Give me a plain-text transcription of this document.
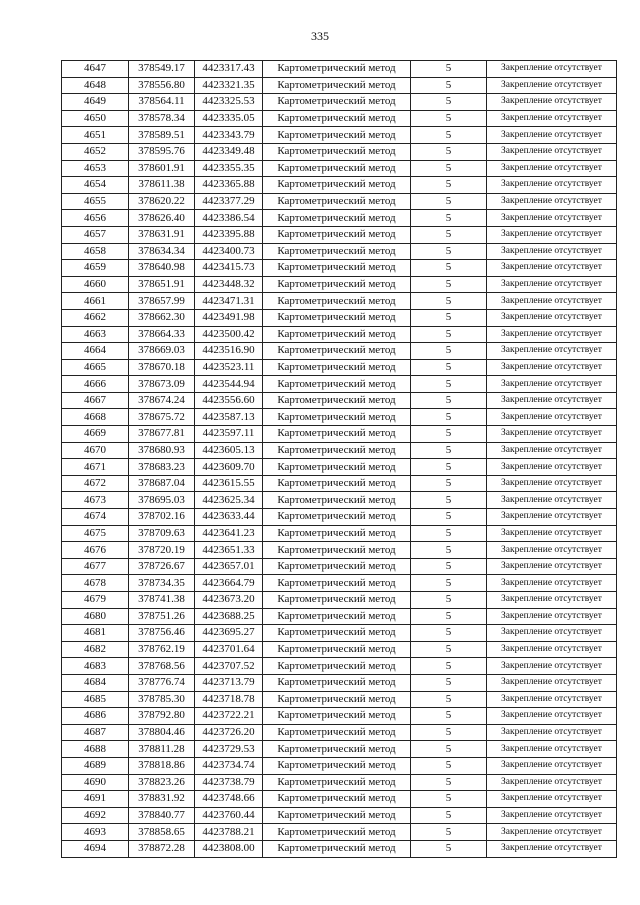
335
4647	378549.17	4423317.43	Картометрический метод	5	Закрепление отсутствует
4648	378556.80	4423321.35	Картометрический метод	5	Закрепление отсутствует
4649	378564.11	4423325.53	Картометрический метод	5	Закрепление отсутствует
4650	378578.34	4423335.05	Картометрический метод	5	Закрепление отсутствует
4651	378589.51	4423343.79	Картометрический метод	5	Закрепление отсутствует
4652	378595.76	4423349.48	Картометрический метод	5	Закрепление отсутствует
4653	378601.91	4423355.35	Картометрический метод	5	Закрепление отсутствует
4654	378611.38	4423365.88	Картометрический метод	5	Закрепление отсутствует
4655	378620.22	4423377.29	Картометрический метод	5	Закрепление отсутствует
4656	378626.40	4423386.54	Картометрический метод	5	Закрепление отсутствует
4657	378631.91	4423395.88	Картометрический метод	5	Закрепление отсутствует
4658	378634.34	4423400.73	Картометрический метод	5	Закрепление отсутствует
4659	378640.98	4423415.73	Картометрический метод	5	Закрепление отсутствует
4660	378651.91	4423448.32	Картометрический метод	5	Закрепление отсутствует
4661	378657.99	4423471.31	Картометрический метод	5	Закрепление отсутствует
4662	378662.30	4423491.98	Картометрический метод	5	Закрепление отсутствует
4663	378664.33	4423500.42	Картометрический метод	5	Закрепление отсутствует
4664	378669.03	4423516.90	Картометрический метод	5	Закрепление отсутствует
4665	378670.18	4423523.11	Картометрический метод	5	Закрепление отсутствует
4666	378673.09	4423544.94	Картометрический метод	5	Закрепление отсутствует
4667	378674.24	4423556.60	Картометрический метод	5	Закрепление отсутствует
4668	378675.72	4423587.13	Картометрический метод	5	Закрепление отсутствует
4669	378677.81	4423597.11	Картометрический метод	5	Закрепление отсутствует
4670	378680.93	4423605.13	Картометрический метод	5	Закрепление отсутствует
4671	378683.23	4423609.70	Картометрический метод	5	Закрепление отсутствует
4672	378687.04	4423615.55	Картометрический метод	5	Закрепление отсутствует
4673	378695.03	4423625.34	Картометрический метод	5	Закрепление отсутствует
4674	378702.16	4423633.44	Картометрический метод	5	Закрепление отсутствует
4675	378709.63	4423641.23	Картометрический метод	5	Закрепление отсутствует
4676	378720.19	4423651.33	Картометрический метод	5	Закрепление отсутствует
4677	378726.67	4423657.01	Картометрический метод	5	Закрепление отсутствует
4678	378734.35	4423664.79	Картометрический метод	5	Закрепление отсутствует
4679	378741.38	4423673.20	Картометрический метод	5	Закрепление отсутствует
4680	378751.26	4423688.25	Картометрический метод	5	Закрепление отсутствует
4681	378756.46	4423695.27	Картометрический метод	5	Закрепление отсутствует
4682	378762.19	4423701.64	Картометрический метод	5	Закрепление отсутствует
4683	378768.56	4423707.52	Картометрический метод	5	Закрепление отсутствует
4684	378776.74	4423713.79	Картометрический метод	5	Закрепление отсутствует
4685	378785.30	4423718.78	Картометрический метод	5	Закрепление отсутствует
4686	378792.80	4423722.21	Картометрический метод	5	Закрепление отсутствует
4687	378804.46	4423726.20	Картометрический метод	5	Закрепление отсутствует
4688	378811.28	4423729.53	Картометрический метод	5	Закрепление отсутствует
4689	378818.86	4423734.74	Картометрический метод	5	Закрепление отсутствует
4690	378823.26	4423738.79	Картометрический метод	5	Закрепление отсутствует
4691	378831.92	4423748.66	Картометрический метод	5	Закрепление отсутствует
4692	378840.77	4423760.44	Картометрический метод	5	Закрепление отсутствует
4693	378858.65	4423788.21	Картометрический метод	5	Закрепление отсутствует
4694	378872.28	4423808.00	Картометрический метод	5	Закрепление отсутствует
